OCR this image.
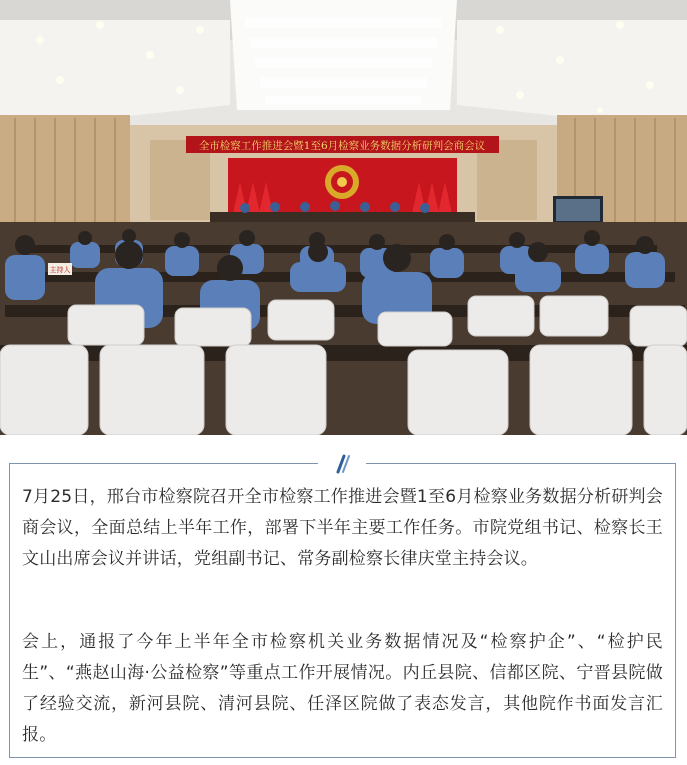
全市检察工作推进会暨1至6月检察业务数据分析研判会商会议
主持人

7月25日，邢台市检察院召开全市检察工作推进会暨1至6月检察业务数据分析研判会商会议，全面总结上半年工作，部署下半年主要工作任务。市院党组书记、检察长王文山出席会议并讲话，党组副书记、常务副检察长律庆堂主持会议。

会上，通报了今年上半年全市检察机关业务数据情况及“检察护企”、“检护民生”、“燕赵山海·公益检察”等重点工作开展情况。内丘县院、信都区院、宁晋县院做了经验交流，新河县院、清河县院、任泽区院做了表态发言，其他院作书面发言汇报。
